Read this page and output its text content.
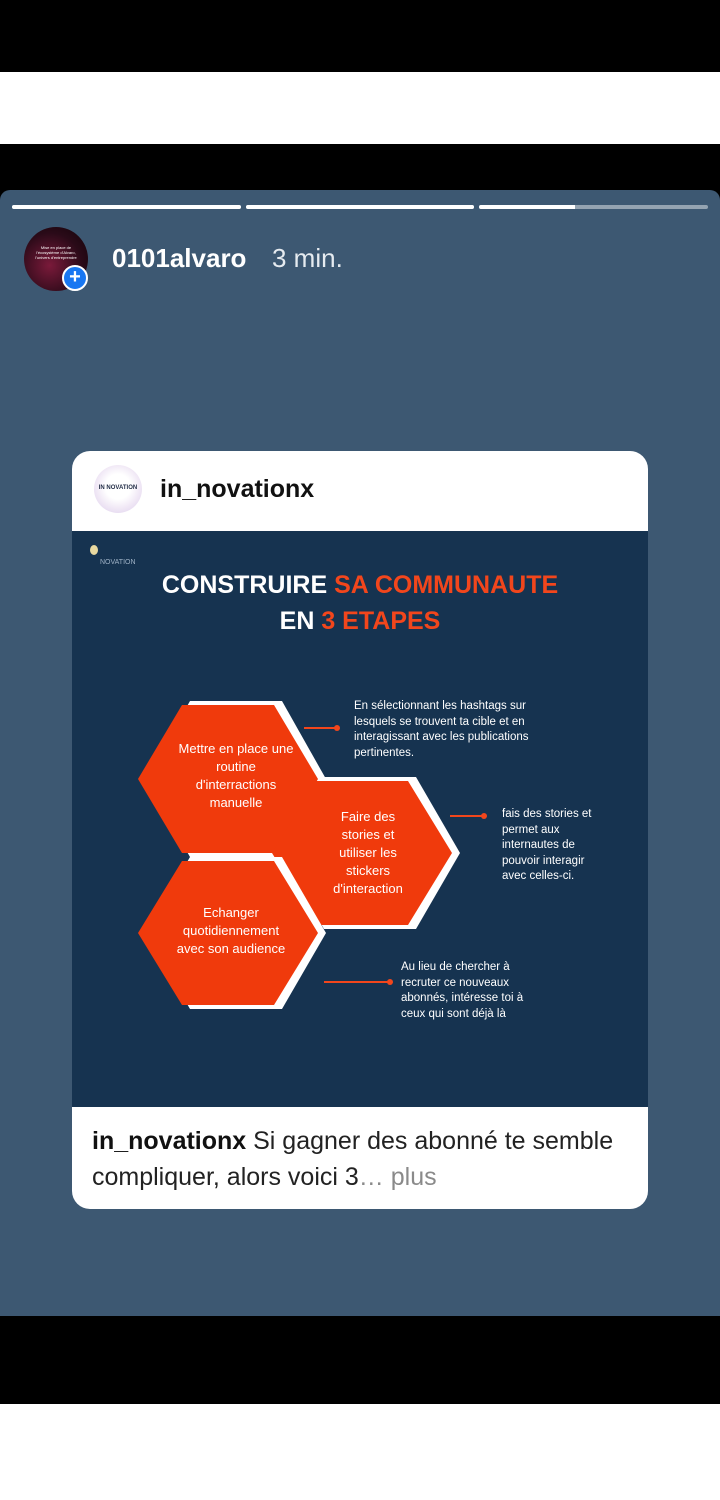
Mise en place de l'écosystème d'Alvaro, l'univers d'entreprendre
+
0101alvaro 3 min.
IN NOVATION in_novationx
NOVATION
CONSTRUIRE SA COMMUNAUTE
EN 3 ETAPES
Mettre en place une routine d'interractions manuelle
Faire des stories et utiliser les stickers d'interaction
Echanger quotidiennement avec son audience
En sélectionnant les hashtags sur lesquels se trouvent ta cible et en interagissant avec les publications pertinentes.
fais des stories et permet aux internautes de pouvoir interagir avec celles-ci.
Au lieu de chercher à recruter ce nouveaux abonnés, intéresse toi à ceux qui sont déjà là
in_novationx Si gagner des abonné te semble compliquer, alors voici 3… plus
